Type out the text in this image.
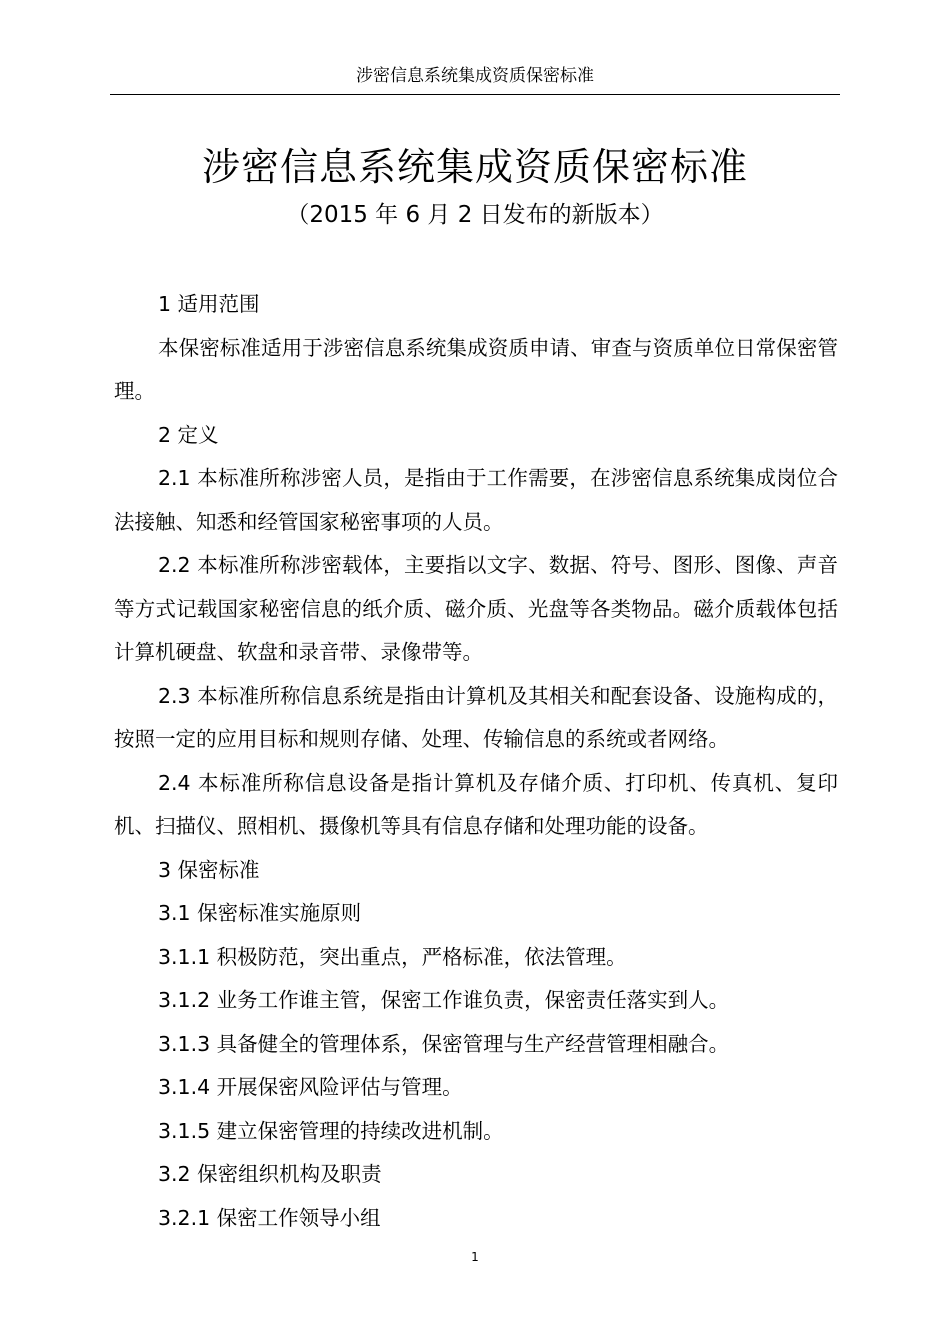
涉密信息系统集成资质保密标准
涉密信息系统集成资质保密标准
（2015 年 6 月 2 日发布的新版本）

1 适用范围

本保密标准适用于涉密信息系统集成资质申请、审查与资质单位日常保密管理。

2 定义

2.1 本标准所称涉密人员，是指由于工作需要，在涉密信息系统集成岗位合法接触、知悉和经管国家秘密事项的人员。

2.2 本标准所称涉密载体，主要指以文字、数据、符号、图形、图像、声音等方式记载国家秘密信息的纸介质、磁介质、光盘等各类物品。磁介质载体包括计算机硬盘、软盘和录音带、录像带等。

2.3 本标准所称信息系统是指由计算机及其相关和配套设备、设施构成的，按照一定的应用目标和规则存储、处理、传输信息的系统或者网络。

2.4 本标准所称信息设备是指计算机及存储介质、打印机、传真机、复印机、扫描仪、照相机、摄像机等具有信息存储和处理功能的设备。

3 保密标准

3.1 保密标准实施原则

3.1.1 积极防范，突出重点，严格标准，依法管理。

3.1.2 业务工作谁主管，保密工作谁负责，保密责任落实到人。

3.1.3 具备健全的管理体系，保密管理与生产经营管理相融合。

3.1.4 开展保密风险评估与管理。

3.1.5 建立保密管理的持续改进机制。

3.2 保密组织机构及职责

3.2.1 保密工作领导小组

1
